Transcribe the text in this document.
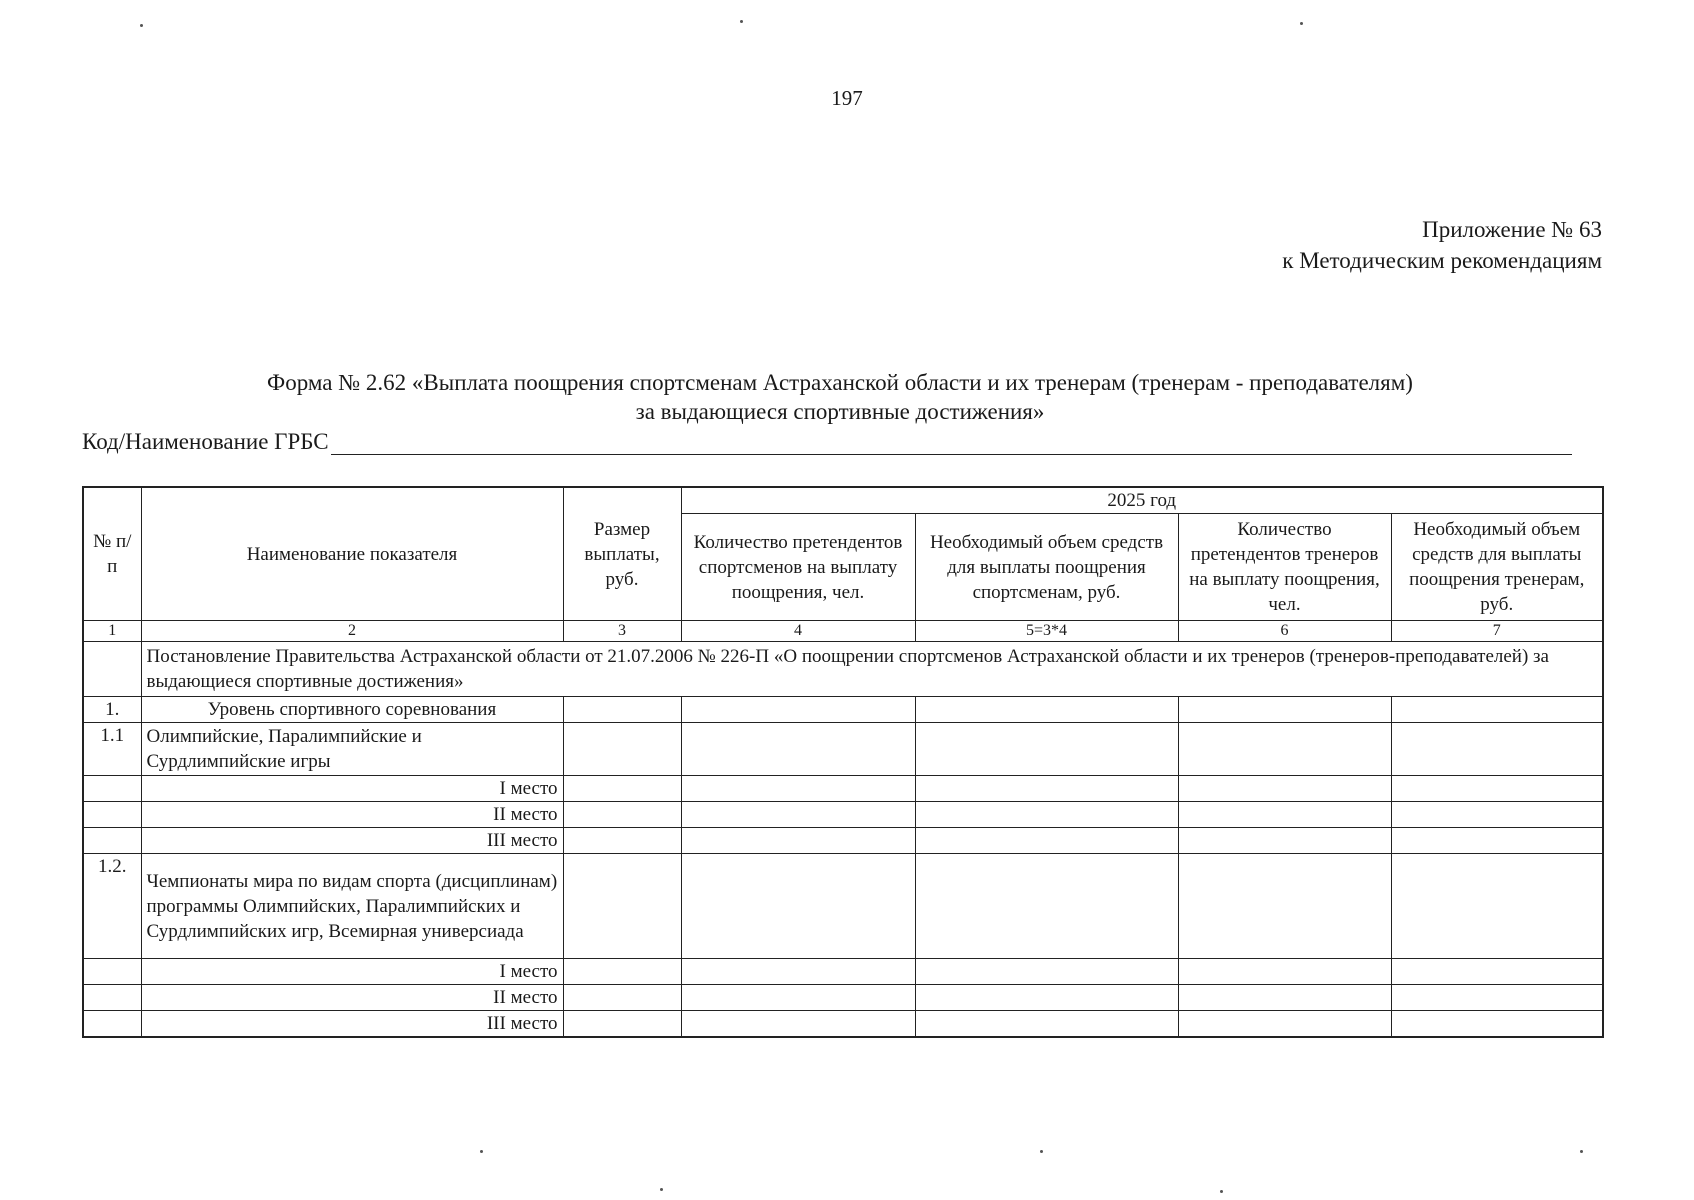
197
Приложение № 63
к Методическим рекомендациям
Форма № 2.62 «Выплата поощрения спортсменам Астраханской области и их тренерам (тренерам - преподавателям)
за выдающиеся спортивные достижения»
Код/Наименование ГРБС
№ п/п	Наименование показателя	Размер выплаты, руб.	2025 год			
			Количество претендентов спортсменов на выплату поощрения, чел.	Необходимый объем средств для выплаты поощрения спортсменам, руб.	Количество претендентов тренеров на выплату поощрения, чел.	Необходимый объем средств для выплаты поощрения тренерам, руб.
1	2	3	4	5=3*4	6	7
	Постановление Правительства Астраханской области от 21.07.2006 № 226-П «О поощрении спортсменов Астраханской области и их тренеров (тренеров-преподавателей) за выдающиеся спортивные достижения»					
1.	Уровень спортивного соревнования					
1.1	Олимпийские, Паралимпийские и Сурдлимпийские игры					
	I место					
	II место					
	III место					
1.2.	Чемпионаты мира по видам спорта (дисциплинам) программы Олимпийских, Паралимпийских и Сурдлимпийских игр, Всемирная универсиада					
	I место					
	II место					
	III место					
